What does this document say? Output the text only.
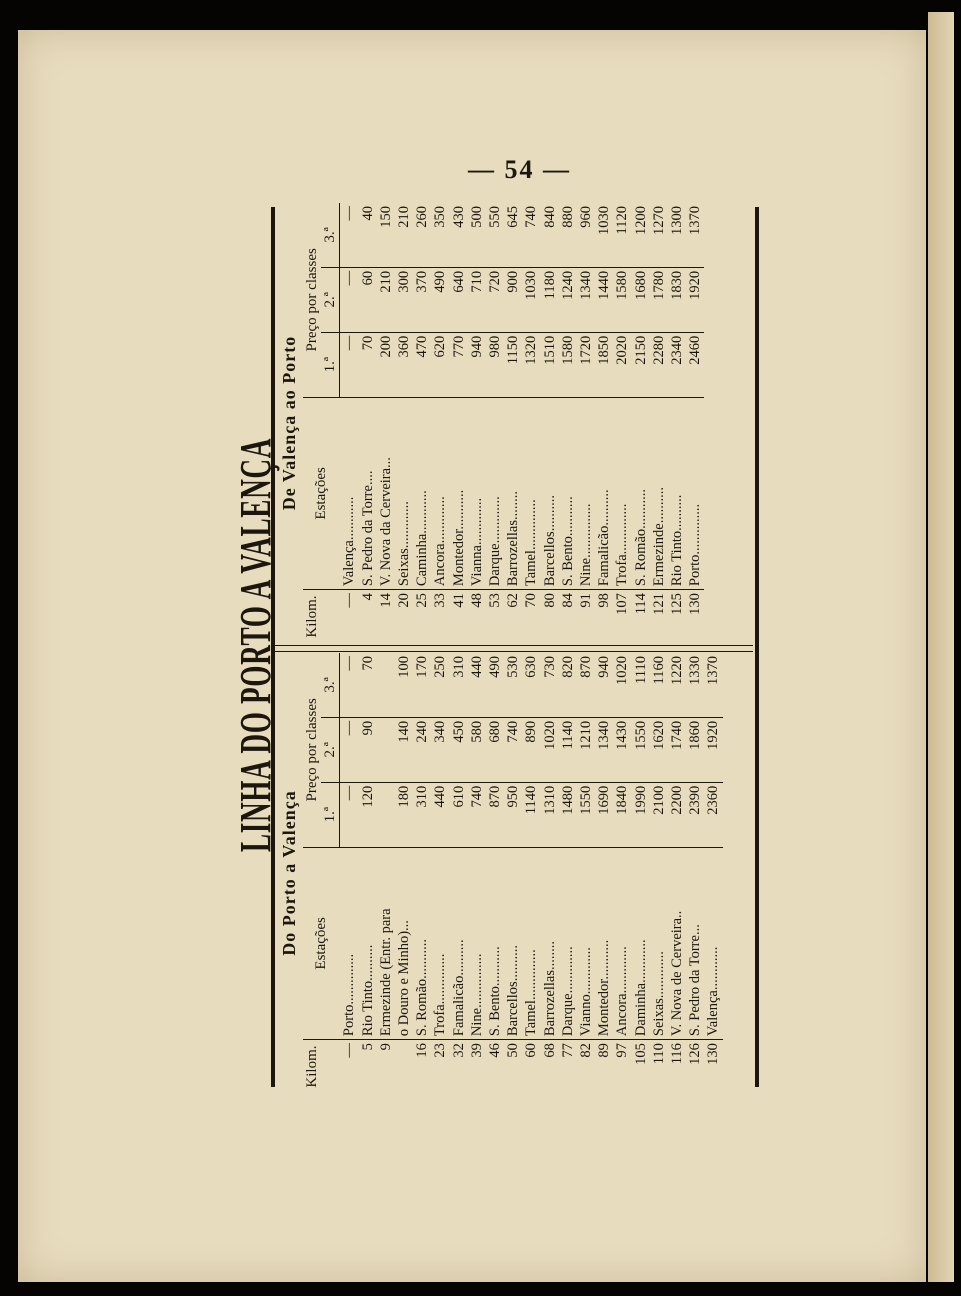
— 54 —
LINHA DO PORTO A VALENÇA
Do Porto a Valença
Kilom.	Estações	Preço por classes		
		1.ª	2.ª	3.ª
—	Porto..............	—	—	—
5	Rio Tinto..........	120	90	70
9	Ermezinde (Entr. para			
	o Douro e Minho)...	180	140	100
16	S. Romão...........	310	240	170
23	Trofa..............	440	340	250
32	Famalicão..........	610	450	310
39	Nine...............	740	580	440
46	S. Bento...........	870	680	490
50	Barcellos..........	950	740	530
60	Tamel..............	1140	890	630
68	Barrozellas........	1310	1020	730
77	Darque.............	1480	1140	820
82	Vianno.............	1550	1210	870
89	Montedor...........	1690	1340	940
97	Ancora.............	1840	1430	1020
105	Daminha............	1990	1550	1110
110	Seixas.............	2100	1620	1160
116	V. Nova de Cerveira..	2200	1740	1220
126	S. Pedro da Torre...	2390	1860	1330
130	Valença............	2360	1920	1370
De Valença ao Porto
Kilom.	Estações	Preço por classes		
		1.ª	2.ª	3.ª
—	Valença............	—	—	—
4	S. Pedro da Torre....	70	60	40
14	V. Nova da Cerveira...	200	210	150
20	Seixas.............	360	300	210
25	Caminha............	470	370	260
33	Ancora.............	620	490	350
41	Montedor...........	770	640	430
48	Vianna.............	940	710	500
53	Darque.............	980	720	550
62	Barrozellas........	1150	900	645
70	Tamel..............	1320	1030	740
80	Barcellos..........	1510	1180	840
84	S. Bento...........	1580	1240	880
91	Nine...............	1720	1340	960
98	Famalicão..........	1850	1440	1030
107	Trofa..............	2020	1580	1120
114	S. Romão...........	2150	1680	1200
121	Ermezinde..........	2280	1780	1270
125	Rio Tinto..........	2340	1830	1300
130	Porto..............	2460	1920	1370
